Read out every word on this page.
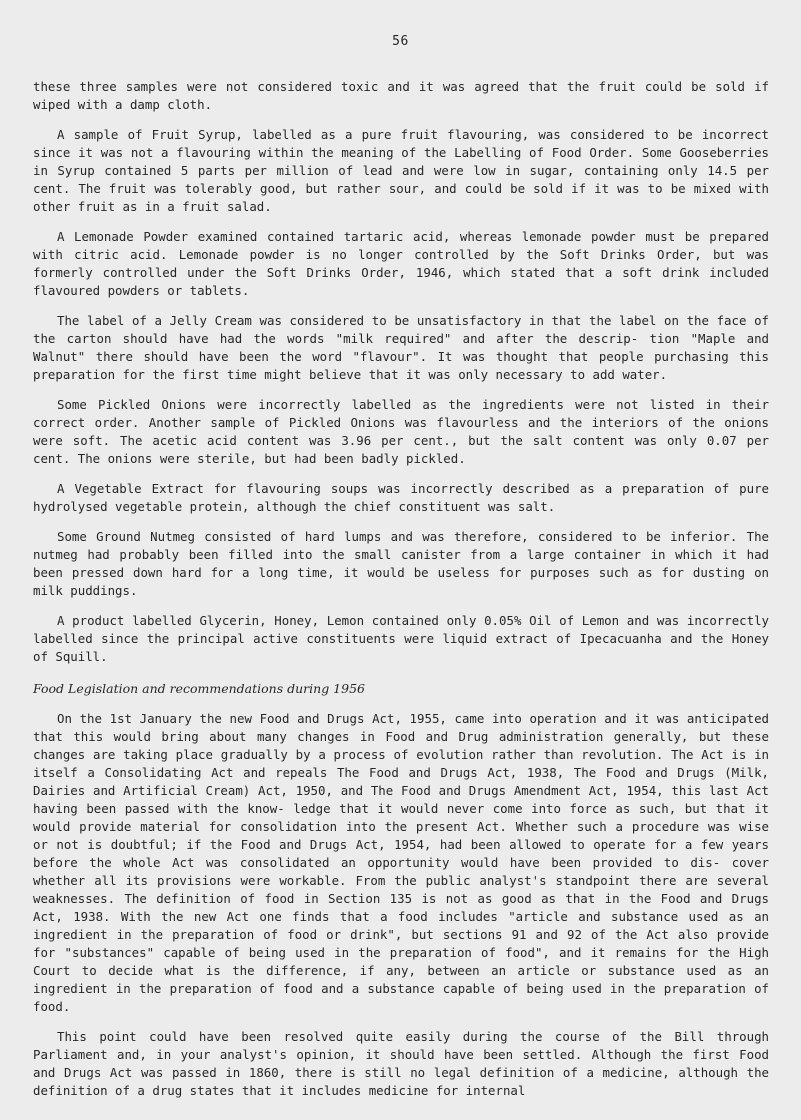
56

these three samples were not considered toxic and it was agreed that the fruit could be sold if wiped with a damp cloth.

A sample of Fruit Syrup, labelled as a pure fruit flavouring, was considered to be incorrect since it was not a flavouring within the meaning of the Labelling of Food Order. Some Gooseberries in Syrup contained 5 parts per million of lead and were low in sugar, containing only 14.5 per cent. The fruit was tolerably good, but rather sour, and could be sold if it was to be mixed with other fruit as in a fruit salad.

A Lemonade Powder examined contained tartaric acid, whereas lemonade powder must be prepared with citric acid. Lemonade powder is no longer controlled by the Soft Drinks Order, but was formerly controlled under the Soft Drinks Order, 1946, which stated that a soft drink included flavoured powders or tablets.

The label of a Jelly Cream was considered to be unsatisfactory in that the label on the face of the carton should have had the words "milk required" and after the descrip- tion "Maple and Walnut" there should have been the word "flavour". It was thought that people purchasing this preparation for the first time might believe that it was only necessary to add water.

Some Pickled Onions were incorrectly labelled as the ingredients were not listed in their correct order. Another sample of Pickled Onions was flavourless and the interiors of the onions were soft. The acetic acid content was 3.96 per cent., but the salt content was only 0.07 per cent. The onions were sterile, but had been badly pickled.

A Vegetable Extract for flavouring soups was incorrectly described as a preparation of pure hydrolysed vegetable protein, although the chief constituent was salt.

Some Ground Nutmeg consisted of hard lumps and was therefore, considered to be inferior. The nutmeg had probably been filled into the small canister from a large container in which it had been pressed down hard for a long time, it would be useless for purposes such as for dusting on milk puddings.

A product labelled Glycerin, Honey, Lemon contained only 0.05% Oil of Lemon and was incorrectly labelled since the principal active constituents were liquid extract of Ipecacuanha and the Honey of Squill.

Food Legislation and recommendations during 1956

On the 1st January the new Food and Drugs Act, 1955, came into operation and it was anticipated that this would bring about many changes in Food and Drug administration generally, but these changes are taking place gradually by a process of evolution rather than revolution. The Act is in itself a Consolidating Act and repeals The Food and Drugs Act, 1938, The Food and Drugs (Milk, Dairies and Artificial Cream) Act, 1950, and The Food and Drugs Amendment Act, 1954, this last Act having been passed with the know- ledge that it would never come into force as such, but that it would provide material for consolidation into the present Act. Whether such a procedure was wise or not is doubtful; if the Food and Drugs Act, 1954, had been allowed to operate for a few years before the whole Act was consolidated an opportunity would have been provided to dis- cover whether all its provisions were workable. From the public analyst's standpoint there are several weaknesses. The definition of food in Section 135 is not as good as that in the Food and Drugs Act, 1938. With the new Act one finds that a food includes "article and substance used as an ingredient in the preparation of food or drink", but sections 91 and 92 of the Act also provide for "substances" capable of being used in the preparation of food", and it remains for the High Court to decide what is the difference, if any, between an article or substance used as an ingredient in the preparation of food and a substance capable of being used in the preparation of food.

This point could have been resolved quite easily during the course of the Bill through Parliament and, in your analyst's opinion, it should have been settled. Although the first Food and Drugs Act was passed in 1860, there is still no legal definition of a medicine, although the definition of a drug states that it includes medicine for internal
